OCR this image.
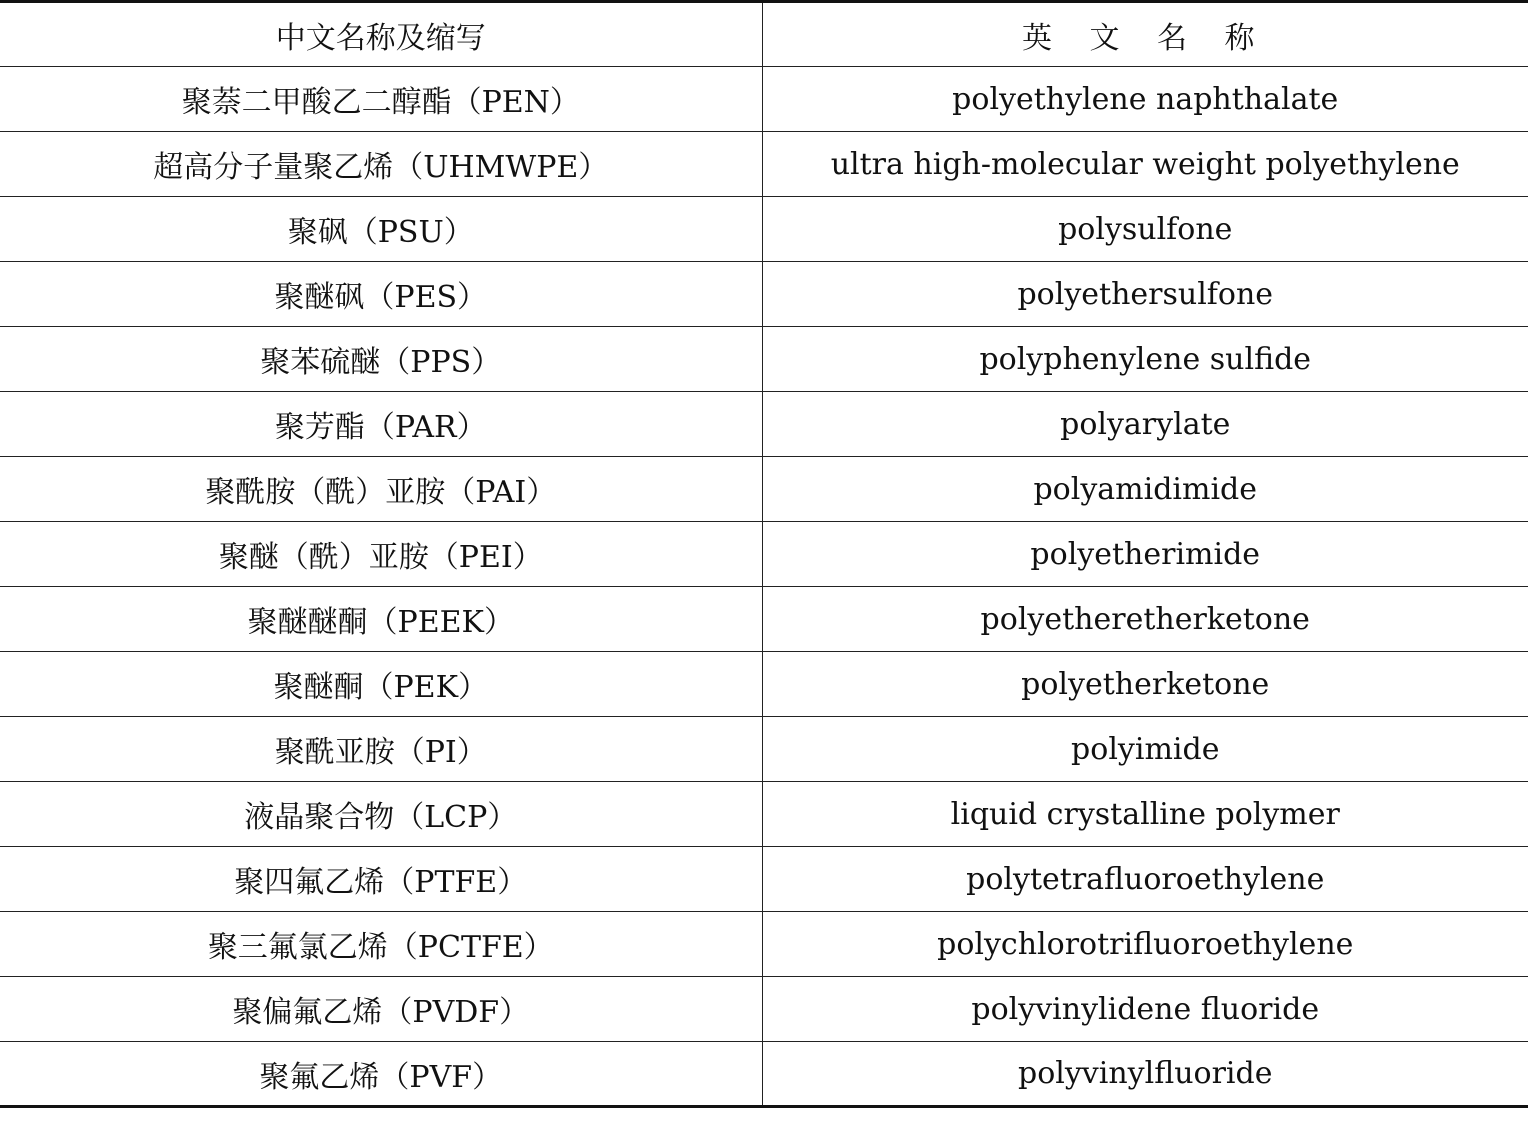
中文名称及缩写	英 文 名 称
聚萘二甲酸乙二醇酯（PEN）	polyethylene naphthalate
超高分子量聚乙烯（UHMWPE）	ultra high-molecular weight polyethylene
聚砜（PSU）	polysulfone
聚醚砜（PES）	polyethersulfone
聚苯硫醚（PPS）	polyphenylene sulfide
聚芳酯（PAR）	polyarylate
聚酰胺（酰）亚胺（PAI）	polyamidimide
聚醚（酰）亚胺（PEI）	polyetherimide
聚醚醚酮（PEEK）	polyetheretherketone
聚醚酮（PEK）	polyetherketone
聚酰亚胺（PI）	polyimide
液晶聚合物（LCP）	liquid crystalline polymer
聚四氟乙烯（PTFE）	polytetrafluoroethylene
聚三氟氯乙烯（PCTFE）	polychlorotrifluoroethylene
聚偏氟乙烯（PVDF）	polyvinylidene fluoride
聚氟乙烯（PVF）	polyvinylfluoride
